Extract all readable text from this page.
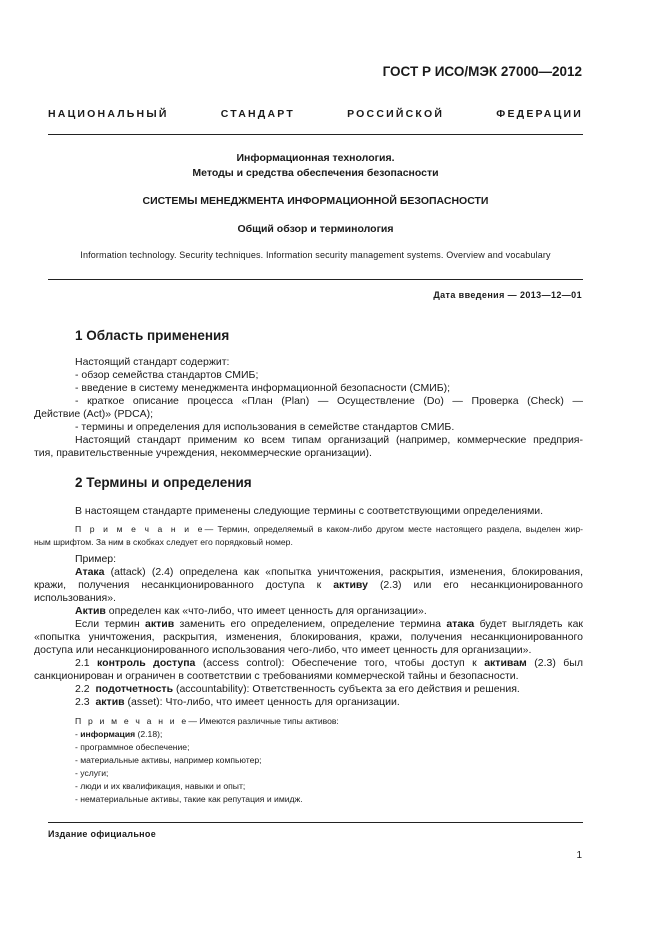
ГОСТ Р ИСО/МЭК 27000—2012
НАЦИОНАЛЬНЫЙ	СТАНДАРТ	РОССИЙСКОЙ	ФЕДЕРАЦИИ
Информационная технология.
Методы и средства обеспечения безопасности
СИСТЕМЫ МЕНЕДЖМЕНТА ИНФОРМАЦИОННОЙ БЕЗОПАСНОСТИ
Общий обзор и терминология
Information technology. Security techniques. Information security management systems. Overview and vocabulary
Дата введения — 2013—12—01
1 Область применения
Настоящий стандарт содержит:
- обзор семейства стандартов СМИБ;
- введение в систему менеджмента информационной безопасности (СМИБ);
- краткое описание процесса «План (Plan) — Осуществление (Do) — Проверка (Check) —
Действие (Act)» (PDCA);
- термины и определения для использования в семействе стандартов СМИБ.
Настоящий стандарт применим ко всем типам организаций (например, коммерческие предприя-
тия, правительственные учреждения, некоммерческие организации).
2 Термины и определения
В настоящем стандарте применены следующие термины с соответствующими определениями.
П р и м е ч а н и е— Термин, определяемый в каком-либо другом месте настоящего раздела, выделен жир-
ным шрифтом. За ним в скобках следует его порядковый номер.
Пример:
Атака (attack) (2.4) определена как «попытка уничтожения, раскрытия, изменения, блокирования,
кражи, получения несанкционированного доступа к активу (2.3) или его несанкционированного
использования».
Актив определен как «что-либо, что имеет ценность для организации».
Если термин актив заменить его определением, определение термина атака будет выглядеть как
«попытка уничтожения, раскрытия, изменения, блокирования, кражи, получения несанкционированного
доступа или несанкционированного использования чего-либо, что имеет ценность для организации».
2.1 контроль доступа (access control): Обеспечение того, чтобы доступ к активам (2.3) был
санкционирован и ограничен в соответствии с требованиями коммерческой тайны и безопасности.
2.2 подотчетность (accountability): Ответственность субъекта за его действия и решения.
2.3 актив (asset): Что-либо, что имеет ценность для организации.
П р и м е ч а н и е— Имеются различные типы активов:
- информация (2.18);
- программное обеспечение;
- материальные активы, например компьютер;
- услуги;
- люди и их квалификация, навыки и опыт;
- нематериальные активы, такие как репутация и имидж.
Издание официальное
1
